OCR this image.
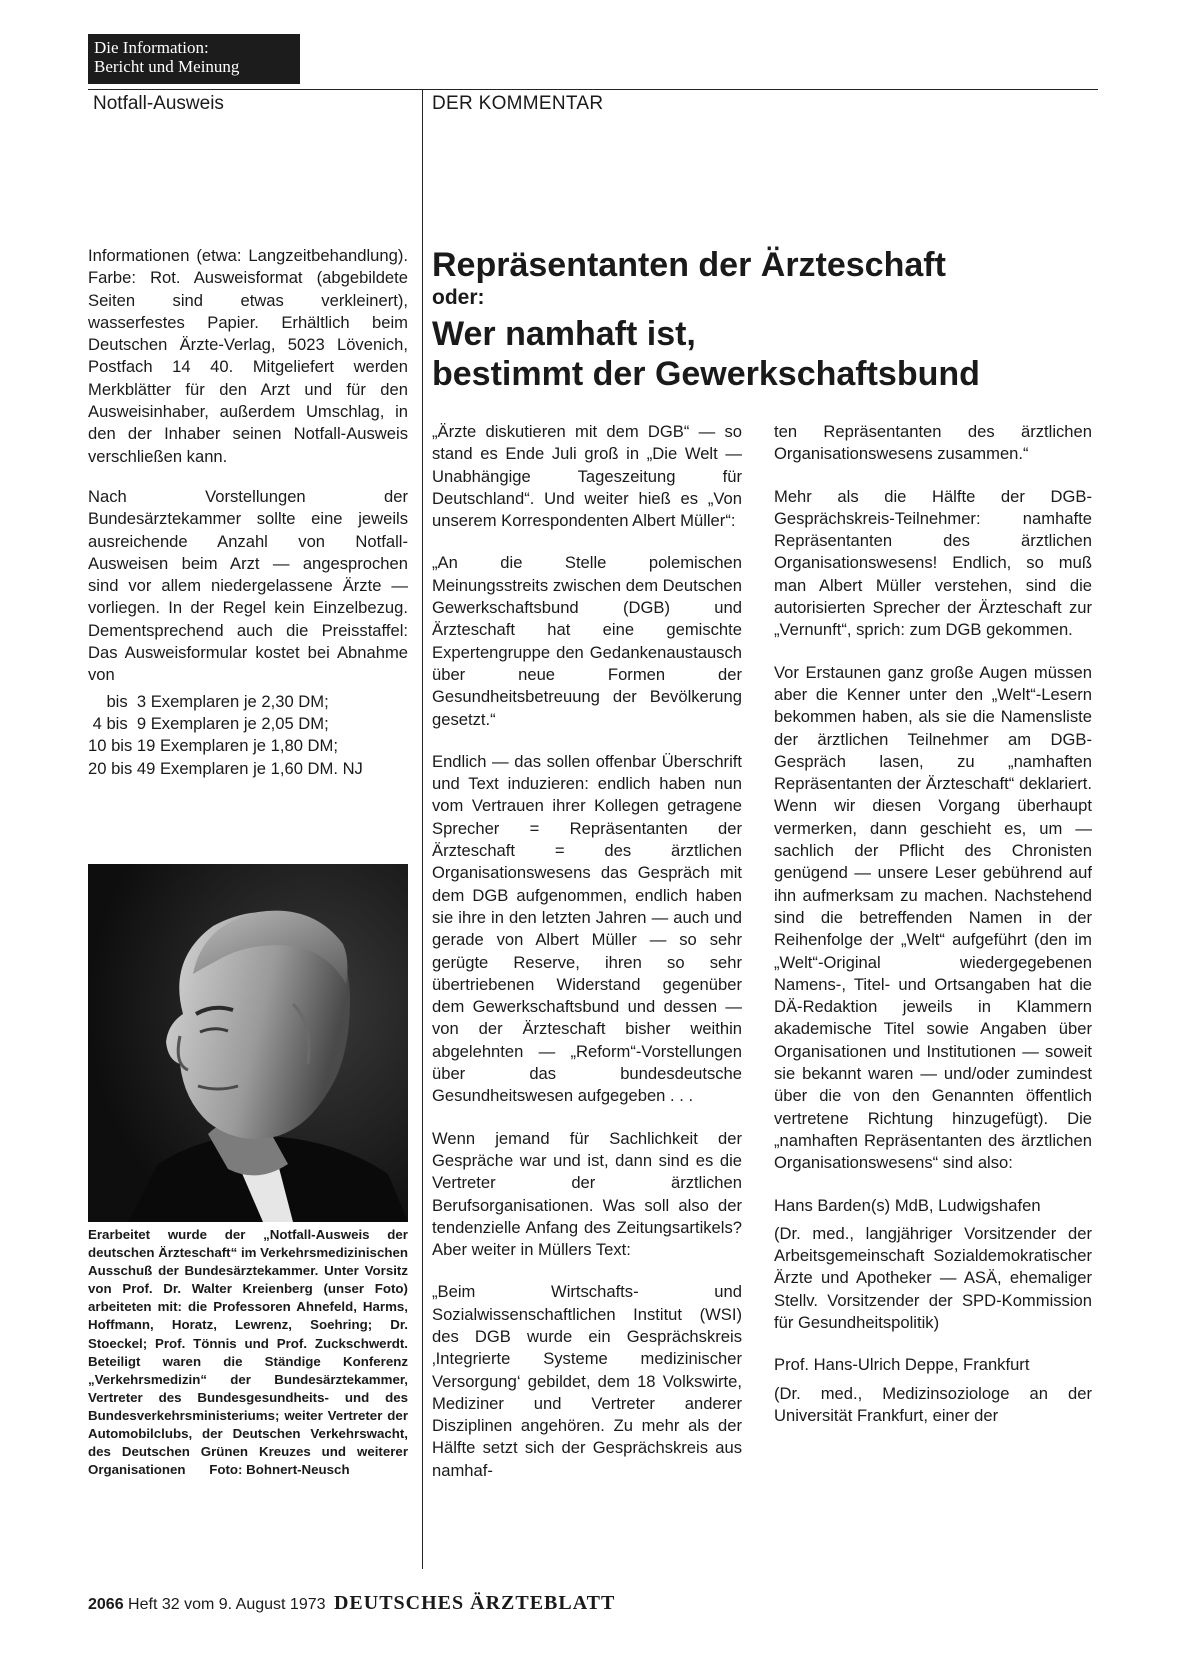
Die Information:
Bericht und Meinung
Notfall-Ausweis	DER KOMMENTAR

Informationen (etwa: Langzeitbehandlung). Farbe: Rot. Ausweisformat (abgebildete Seiten sind etwas verkleinert), wasserfestes Papier. Erhältlich beim Deutschen Ärzte-Verlag, 5023 Lövenich, Postfach 14 40. Mitgeliefert werden Merkblätter für den Arzt und für den Ausweisinhaber, außerdem Umschlag, in den der Inhaber seinen Notfall-Ausweis verschließen kann.

Nach Vorstellungen der Bundesärztekammer sollte eine jeweils ausreichende Anzahl von Notfall-Ausweisen beim Arzt — angesprochen sind vor allem niedergelassene Ärzte — vorliegen. In der Regel kein Einzelbezug. Dementsprechend auch die Preisstaffel: Das Ausweisformular kostet bei Abnahme von

bis  3 Exemplaren je 2,30 DM;
4 bis  9 Exemplaren je 2,05 DM;
10 bis 19 Exemplaren je 1,80 DM;
20 bis 49 Exemplaren je 1,60 DM. NJ
Erarbeitet wurde der „Notfall-Ausweis der deutschen Ärzteschaft“ im Verkehrsmedizinischen Ausschuß der Bundesärztekammer. Unter Vorsitz von Prof. Dr. Walter Kreienberg (unser Foto) arbeiteten mit: die Professoren Ahnefeld, Harms, Hoffmann, Horatz, Lewrenz, Soehring; Dr. Stoeckel; Prof. Tönnis und Prof. Zuckschwerdt. Beteiligt waren die Ständige Konferenz „Verkehrsmedizin“ der Bundesärztekammer, Vertreter des Bundesgesundheits- und des Bundesverkehrsministeriums; weiter Vertreter der Automobilclubs, der Deutschen Verkehrswacht, des Deutschen Grünen Kreuzes und weiterer Organisationen Foto: Bohnert-Neusch
Repräsentanten der Ärzteschaft
oder:
Wer namhaft ist,
bestimmt der Gewerkschaftsbund

„Ärzte diskutieren mit dem DGB“ — so stand es Ende Juli groß in „Die Welt — Unabhängige Tageszeitung für Deutschland“. Und weiter hieß es „Von unserem Korrespondenten Albert Müller“:

„An die Stelle polemischen Meinungsstreits zwischen dem Deutschen Gewerkschaftsbund (DGB) und Ärzteschaft hat eine gemischte Expertengruppe den Gedankenaustausch über neue Formen der Gesundheitsbetreuung der Bevölkerung gesetzt.“

Endlich — das sollen offenbar Überschrift und Text induzieren: endlich haben nun vom Vertrauen ihrer Kollegen getragene Sprecher = Repräsentanten der Ärzteschaft = des ärztlichen Organisationswesens das Gespräch mit dem DGB aufgenommen, endlich haben sie ihre in den letzten Jahren — auch und gerade von Albert Müller — so sehr gerügte Reserve, ihren so sehr übertriebenen Widerstand gegenüber dem Gewerkschaftsbund und dessen — von der Ärzteschaft bisher weithin abgelehnten — „Reform“-Vorstellungen über das bundesdeutsche Gesundheitswesen aufgegeben . . .

Wenn jemand für Sachlichkeit der Gespräche war und ist, dann sind es die Vertreter der ärztlichen Berufsorganisationen. Was soll also der tendenzielle Anfang des Zeitungsartikels? Aber weiter in Müllers Text:

„Beim Wirtschafts- und Sozialwissenschaftlichen Institut (WSI) des DGB wurde ein Gesprächskreis ‚Integrierte Systeme medizinischer Versorgung‘ gebildet, dem 18 Volkswirte, Mediziner und Vertreter anderer Disziplinen angehören. Zu mehr als der Hälfte setzt sich der Gesprächskreis aus namhaf-

ten Repräsentanten des ärztlichen Organisationswesens zusammen.“

Mehr als die Hälfte der DGB-Gesprächskreis-Teilnehmer: namhafte Repräsentanten des ärztlichen Organisationswesens! Endlich, so muß man Albert Müller verstehen, sind die autorisierten Sprecher der Ärzteschaft zur „Vernunft“, sprich: zum DGB gekommen.

Vor Erstaunen ganz große Augen müssen aber die Kenner unter den „Welt“-Lesern bekommen haben, als sie die Namensliste der ärztlichen Teilnehmer am DGB-Gespräch lasen, zu „namhaften Repräsentanten der Ärzteschaft“ deklariert. Wenn wir diesen Vorgang überhaupt vermerken, dann geschieht es, um — sachlich der Pflicht des Chronisten genügend — unsere Leser gebührend auf ihn aufmerksam zu machen. Nachstehend sind die betreffenden Namen in der Reihenfolge der „Welt“ aufgeführt (den im „Welt“-Original wiedergegebenen Namens-, Titel- und Ortsangaben hat die DÄ-Redaktion jeweils in Klammern akademische Titel sowie Angaben über Organisationen und Institutionen — soweit sie bekannt waren — und/oder zumindest über die von den Genannten öffentlich vertretene Richtung hinzugefügt). Die „namhaften Repräsentanten des ärztlichen Organisationswesens“ sind also:

Hans Barden(s) MdB, Ludwigshafen

(Dr. med., langjähriger Vorsitzender der Arbeitsgemeinschaft Sozialdemokratischer Ärzte und Apotheker — ASÄ, ehemaliger Stellv. Vorsitzender der SPD-Kommission für Gesundheitspolitik)

Prof. Hans-Ulrich Deppe, Frankfurt

(Dr. med., Medizinsoziologe an der Universität Frankfurt, einer der

2066 Heft 32 vom 9. August 1973 DEUTSCHES ÄRZTEBLATT
